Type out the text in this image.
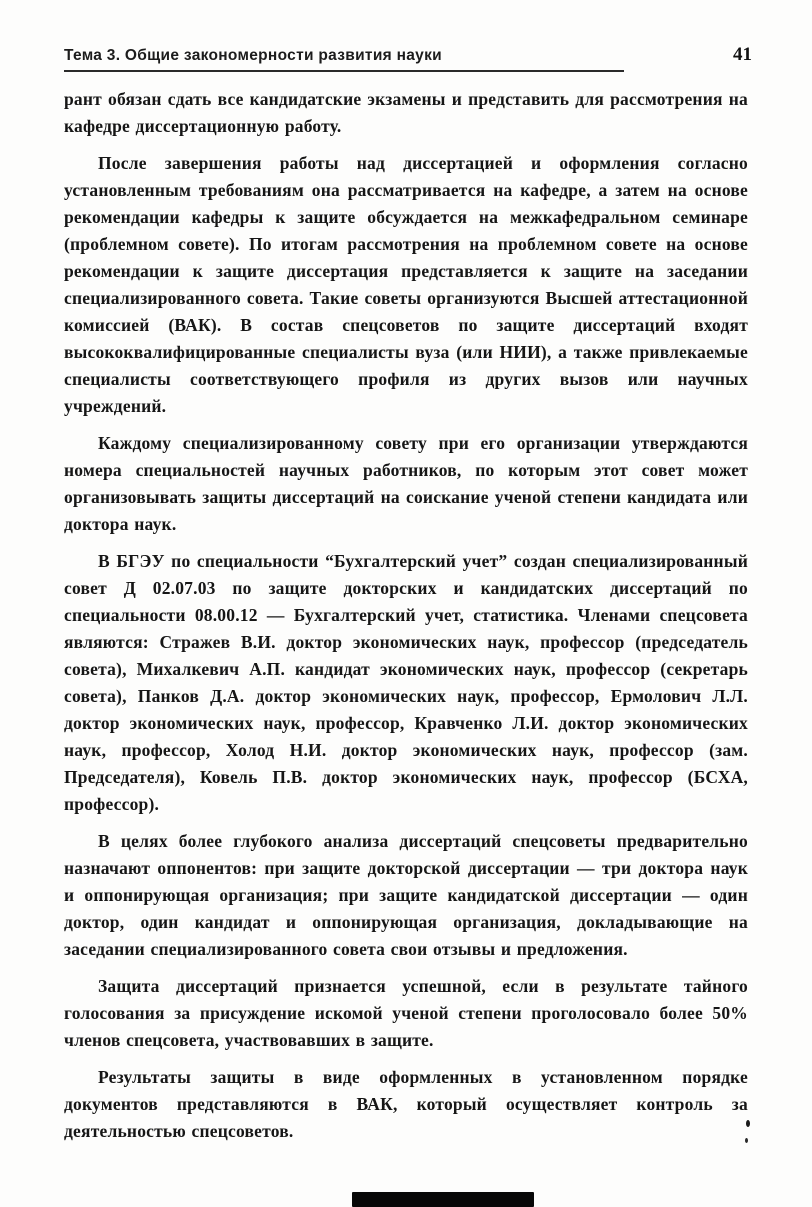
Тема 3. Общие закономерности развития науки	41

рант обязан сдать все кандидатские экзамены и представить для рассмотрения на кафедре диссертационную работу.

После завершения работы над диссертацией и оформления согласно установленным требованиям она рассматривается на кафедре, а затем на основе рекомендации кафедры к защите обсуждается на межкафедральном семинаре (проблемном совете). По итогам рассмотрения на проблемном совете на основе рекомендации к защите диссертация представляется к защите на заседании специализированного совета. Такие советы организуются Высшей аттестационной комиссией (ВАК). В состав спецсоветов по защите диссертаций входят высококвалифицированные специалисты вуза (или НИИ), а также привлекаемые специалисты соответствующего профиля из других вызов или научных учреждений.

Каждому специализированному совету при его организации утверждаются номера специальностей научных работников, по которым этот совет может организовывать защиты диссертаций на соискание ученой степени кандидата или доктора наук.

В БГЭУ по специальности “Бухгалтерский учет” создан специализированный совет Д 02.07.03 по защите докторских и кандидатских диссертаций по специальности 08.00.12 — Бухгалтерский учет, статистика. Членами спецсовета являются: Стражев В.И. доктор экономических наук, профессор (председатель совета), Михалкевич А.П. кандидат экономических наук, профессор (секретарь совета), Панков Д.А. доктор экономических наук, профессор, Ермолович Л.Л. доктор экономических наук, профессор, Кравченко Л.И. доктор экономических наук, профессор, Холод Н.И. доктор экономических наук, профессор (зам. Председателя), Ковель П.В. доктор экономических наук, профессор (БСХА, профессор).

В целях более глубокого анализа диссертаций спецсоветы предварительно назначают оппонентов: при защите докторской диссертации — три доктора наук и оппонирующая организация; при защите кандидатской диссертации — один доктор, один кандидат и оппонирующая организация, докладывающие на заседании специализированного совета свои отзывы и предложения.

Защита диссертаций признается успешной, если в результате тайного голосования за присуждение искомой ученой степени проголосовало более 50% членов спецсовета, участвовавших в защите.

Результаты защиты в виде оформленных в установленном порядке документов представляются в ВАК, который осуществляет контроль за деятельностью спецсоветов.
